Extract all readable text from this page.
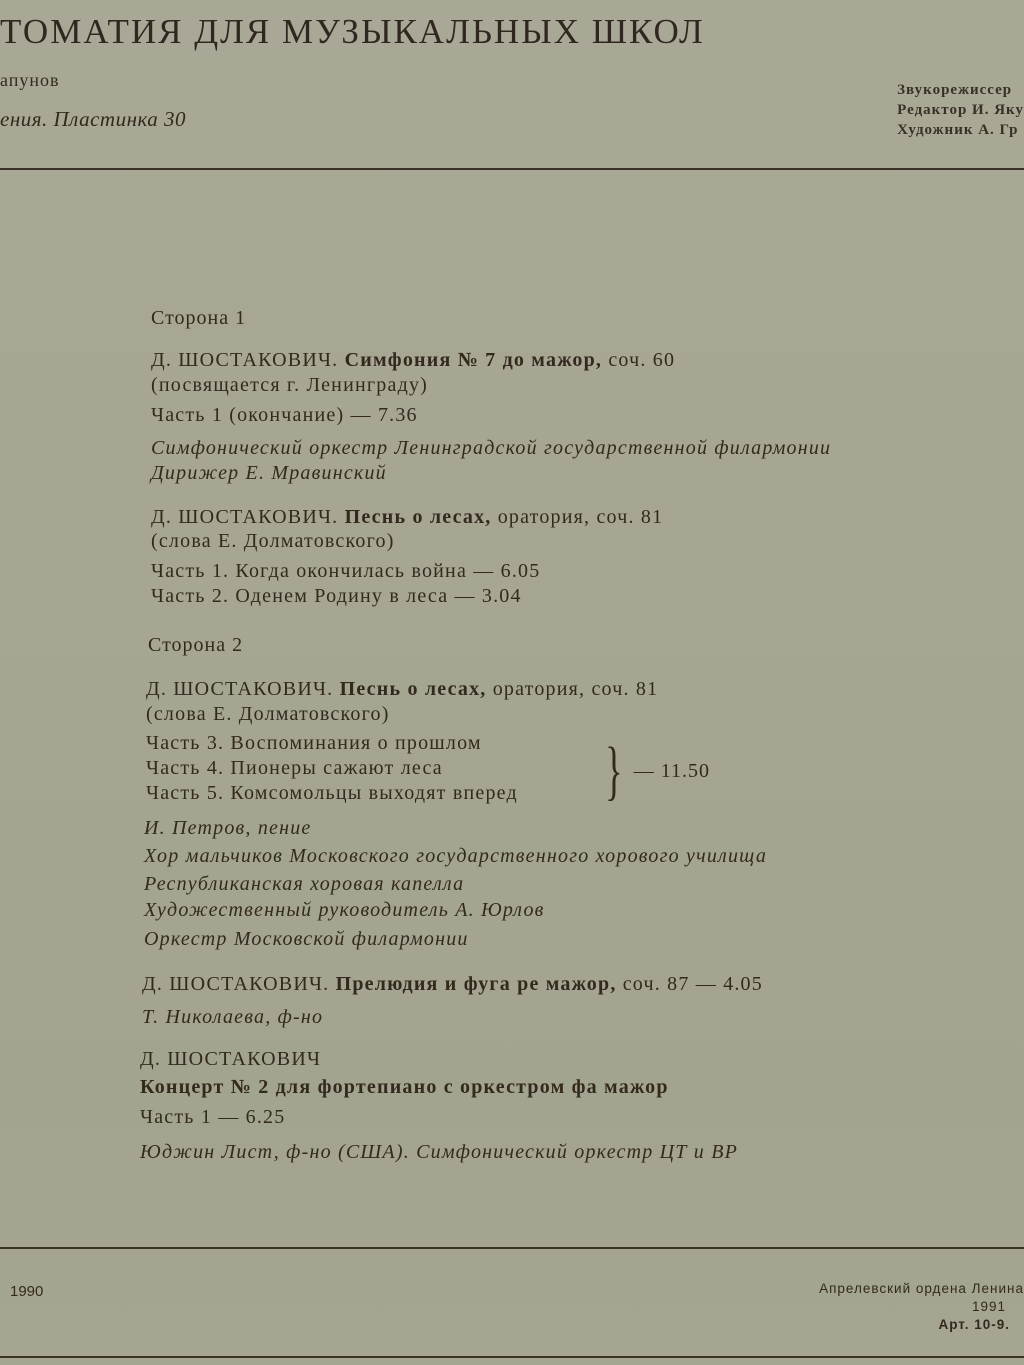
ТОМАТИЯ ДЛЯ МУЗЫКАЛЬНЫХ ШКОЛ
апунов
ения. Пластинка 30
Звукорежиссер
Редактор И. Яку
Художник А. Гр
Сторона 1
Д. ШОСТАКОВИЧ. Симфония № 7 до мажор, соч. 60
(посвящается г. Ленинграду)
Часть 1 (окончание) — 7.36
Симфонический оркестр Ленинградской государственной филармонии
Дирижер Е. Мравинский
Д. ШОСТАКОВИЧ. Песнь о лесах, оратория, соч. 81
(слова Е. Долматовского)
Часть 1. Когда окончилась война — 6.05
Часть 2. Оденем Родину в леса — 3.04
Сторона 2
Д. ШОСТАКОВИЧ. Песнь о лесах, оратория, соч. 81
(слова Е. Долматовского)
Часть 3. Воспоминания о прошлом
Часть 4. Пионеры сажают леса
Часть 5. Комсомольцы выходят вперед } — 11.50
И. Петров, пение
Хор мальчиков Московского государственного хорового училища
Республиканская хоровая капелла
Художественный руководитель А. Юрлов
Оркестр Московской филармонии
Д. ШОСТАКОВИЧ. Прелюдия и фуга ре мажор, соч. 87 — 4.05
Т. Николаева, ф-но
Д. ШОСТАКОВИЧ
Концерт № 2 для фортепиано с оркестром фа мажор
Часть 1 — 6.25
Юджин Лист, ф-но (США). Симфонический оркестр ЦТ и ВР
1990	Апрелевский ордена Ленина
1991
Арт. 10-9.
